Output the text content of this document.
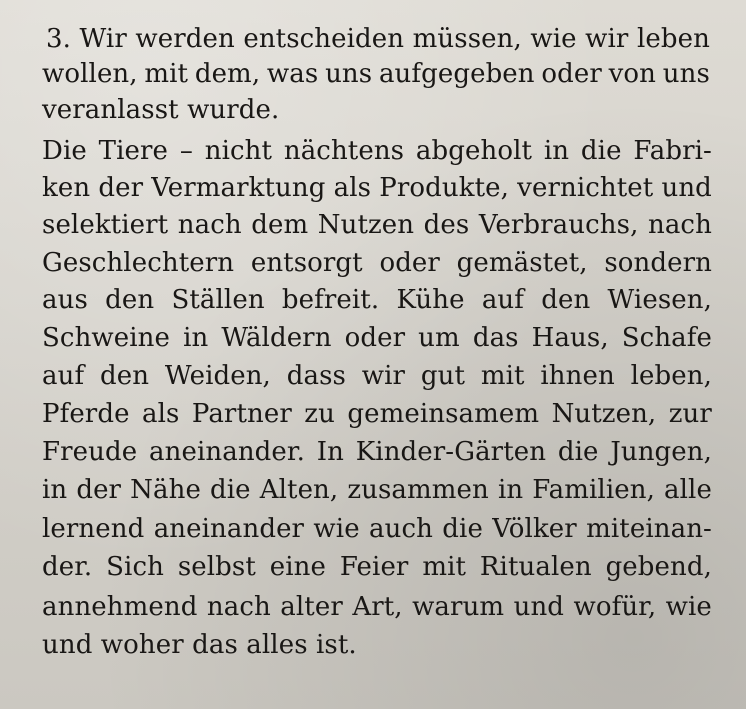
3. Wir werden entscheiden müssen, wie wir leben
wollen, mit dem, was uns aufgegeben oder von uns
veranlasst wurde.
Die Tiere – nicht nächtens abgeholt in die Fabri-
ken der Vermarktung als Produkte, vernichtet und
selektiert nach dem Nutzen des Verbrauchs, nach
Geschlechtern entsorgt oder gemästet, sondern
aus den Ställen befreit. Kühe auf den Wiesen,
Schweine in Wäldern oder um das Haus, Schafe
auf den Weiden, dass wir gut mit ihnen leben,
Pferde als Partner zu gemeinsamem Nutzen, zur
Freude aneinander. In Kinder-Gärten die Jungen,
in der Nähe die Alten, zusammen in Familien, alle
lernend aneinander wie auch die Völker miteinan-
der. Sich selbst eine Feier mit Ritualen gebend,
annehmend nach alter Art, warum und wofür, wie
und woher das alles ist.
